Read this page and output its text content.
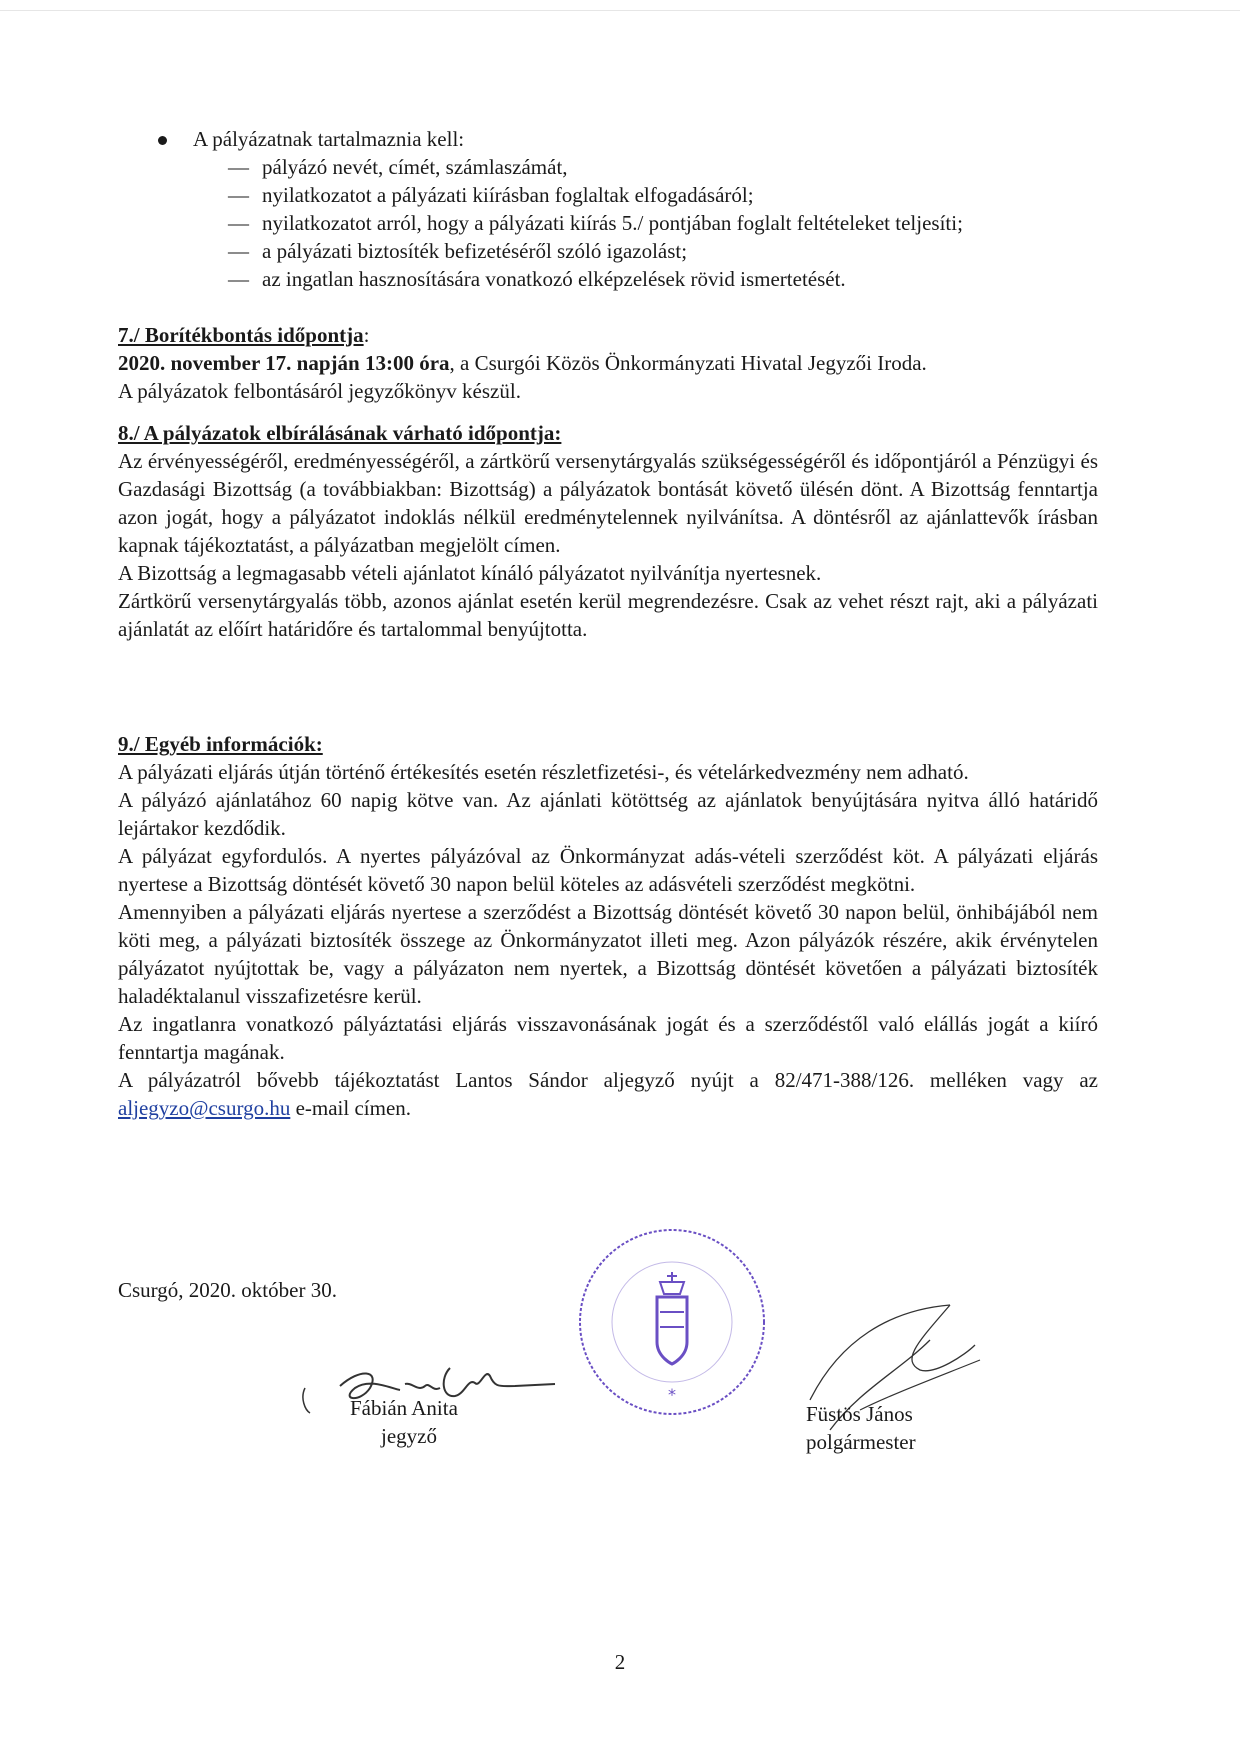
A pályázatnak tartalmaznia kell:
— pályázó nevét, címét, számlaszámát,
— nyilatkozatot a pályázati kiírásban foglaltak elfogadásáról;
— nyilatkozatot arról, hogy a pályázati kiírás 5./ pontjában foglalt feltételeket teljesíti;
— a pályázati biztosíték befizetéséről szóló igazolást;
— az ingatlan hasznosítására vonatkozó elképzelések rövid ismertetését.
7./ Borítékbontás időpontja:

2020. november 17. napján 13:00 óra, a Csurgói Közös Önkormányzati Hivatal Jegyzői Iroda.

A pályázatok felbontásáról jegyzőkönyv készül.

8./ A pályázatok elbírálásának várható időpontja:

Az érvényességéről, eredményességéről, a zártkörű versenytárgyalás szükségességéről és időpontjáról a Pénzügyi és Gazdasági Bizottság (a továbbiakban: Bizottság) a pályázatok bontását követő ülésén dönt. A Bizottság fenntartja azon jogát, hogy a pályázatot indoklás nélkül eredménytelennek nyilvánítsa. A döntésről az ajánlattevők írásban kapnak tájékoztatást, a pályázatban megjelölt címen.

A Bizottság a legmagasabb vételi ajánlatot kínáló pályázatot nyilvánítja nyertesnek.

Zártkörű versenytárgyalás több, azonos ajánlat esetén kerül megrendezésre. Csak az vehet részt rajt, aki a pályázati ajánlatát az előírt határidőre és tartalommal benyújtotta.

9./ Egyéb információk:

A pályázati eljárás útján történő értékesítés esetén részletfizetési-, és vételárkedvezmény nem adható.

A pályázó ajánlatához 60 napig kötve van. Az ajánlati kötöttség az ajánlatok benyújtására nyitva álló határidő lejártakor kezdődik.

A pályázat egyfordulós. A nyertes pályázóval az Önkormányzat adás-vételi szerződést köt. A pályázati eljárás nyertese a Bizottság döntését követő 30 napon belül köteles az adásvételi szerződést megkötni.

Amennyiben a pályázati eljárás nyertese a szerződést a Bizottság döntését követő 30 napon belül, önhibájából nem köti meg, a pályázati biztosíték összege az Önkormányzatot illeti meg. Azon pályázók részére, akik érvénytelen pályázatot nyújtottak be, vagy a pályázaton nem nyertek, a Bizottság döntését követően a pályázati biztosíték haladéktalanul visszafizetésre kerül.

Az ingatlanra vonatkozó pályáztatási eljárás visszavonásának jogát és a szerződéstől való elállás jogát a kiíró fenntartja magának.

A pályázatról bővebb tájékoztatást Lantos Sándor aljegyző nyújt a 82/471-388/126. melléken vagy az aljegyzo@csurgo.hu e-mail címen.

Csurgó, 2020. október 30.
Fábián Anita
jegyző
*
Füstös János
polgármester
2
